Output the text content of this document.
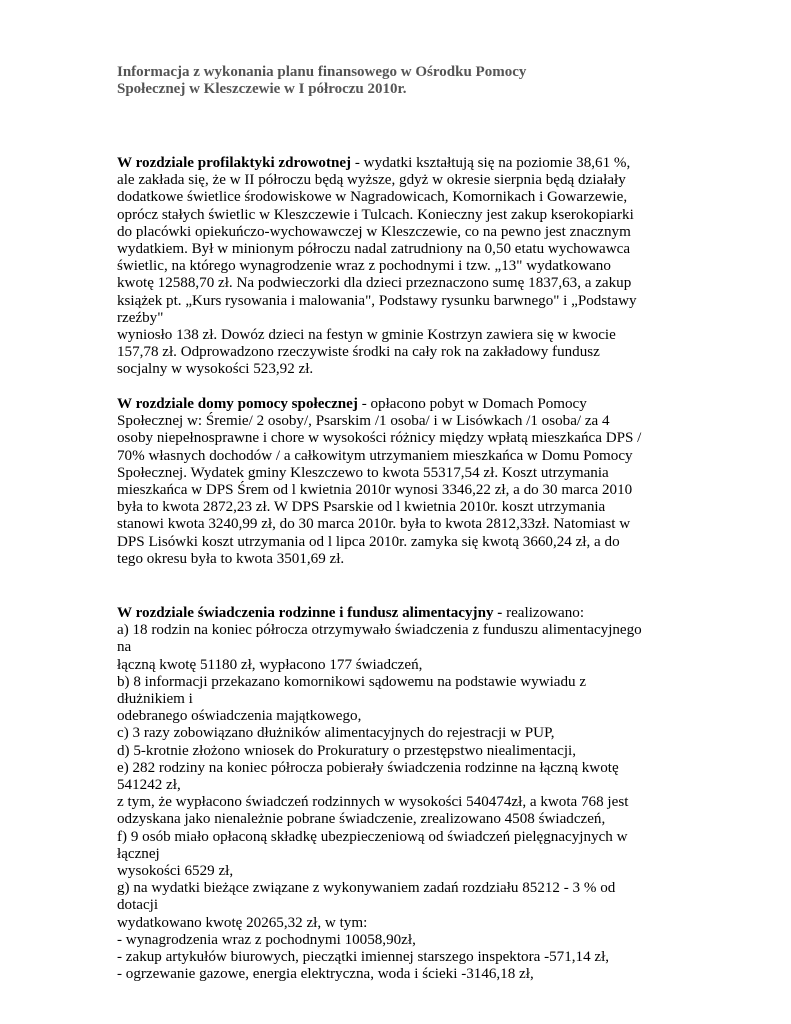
Informacja z wykonania planu finansowego w Ośrodku Pomocy
Społecznej w Kleszczewie w I półroczu 2010r.
W rozdziale profilaktyki zdrowotnej - wydatki kształtują się na poziomie 38,61 %,
ale zakłada się, że w II półroczu będą wyższe, gdyż w okresie sierpnia będą działały
dodatkowe świetlice środowiskowe w Nagradowicach, Komornikach i Gowarzewie,
oprócz stałych świetlic w Kleszczewie i Tulcach. Konieczny jest zakup kserokopiarki
do placówki opiekuńczo-wychowawczej w Kleszczewie, co na pewno jest znacznym
wydatkiem. Był w minionym półroczu nadal zatrudniony na 0,50 etatu wychowawca
świetlic, na którego wynagrodzenie wraz z pochodnymi i tzw. „13" wydatkowano
kwotę 12588,70 zł. Na podwieczorki dla dzieci przeznaczono sumę 1837,63, a zakup
książek pt. „Kurs rysowania i malowania", Podstawy rysunku barwnego" i „Podstawy
rzeźby"
wyniosło 138 zł. Dowóz dzieci na festyn w gminie Kostrzyn zawiera się w kwocie
157,78 zł. Odprowadzono rzeczywiste środki na cały rok na zakładowy fundusz
socjalny w wysokości 523,92 zł.
W rozdziale domy pomocy społecznej - opłacono pobyt w Domach Pomocy
Społecznej w: Śremie/ 2 osoby/, Psarskim /1 osoba/ i w Lisówkach /1 osoba/ za 4
osoby niepełnosprawne i chore w wysokości różnicy między wpłatą mieszkańca DPS /
70% własnych dochodów / a całkowitym utrzymaniem mieszkańca w Domu Pomocy
Społecznej. Wydatek gminy Kleszczewo to kwota 55317,54 zł. Koszt utrzymania
mieszkańca w DPS Śrem od l kwietnia 2010r wynosi 3346,22 zł, a do 30 marca 2010
była to kwota 2872,23 zł. W DPS Psarskie od l kwietnia 2010r. koszt utrzymania
stanowi kwota 3240,99 zł, do 30 marca 2010r. była to kwota 2812,33zł. Natomiast w
DPS Lisówki koszt utrzymania od l lipca 2010r. zamyka się kwotą 3660,24 zł, a do
tego okresu była to kwota 3501,69 zł.
W rozdziale świadczenia rodzinne i fundusz alimentacyjny - realizowano:
a) 18 rodzin na koniec półrocza otrzymywało świadczenia z funduszu alimentacyjnego
na
łączną kwotę 51180 zł, wypłacono 177 świadczeń,
b) 8 informacji przekazano komornikowi sądowemu na podstawie wywiadu z
dłużnikiem i
odebranego oświadczenia majątkowego,
c) 3 razy zobowiązano dłużników alimentacyjnych do rejestracji w PUP,
d) 5-krotnie złożono wniosek do Prokuratury o przestępstwo niealimentacji,
e) 282 rodziny na koniec półrocza pobierały świadczenia rodzinne na łączną kwotę
541242 zł,
z tym, że wypłacono świadczeń rodzinnych w wysokości 540474zł, a kwota 768 jest
odzyskana jako nienależnie pobrane świadczenie, zrealizowano 4508 świadczeń,
f) 9 osób miało opłaconą składkę ubezpieczeniową od świadczeń pielęgnacyjnych w
łącznej
wysokości 6529 zł,
g) na wydatki bieżące związane z wykonywaniem zadań rozdziału 85212 - 3 % od
dotacji
wydatkowano kwotę 20265,32 zł, w tym:
- wynagrodzenia wraz z pochodnymi 10058,90zł,
- zakup artykułów biurowych, pieczątki imiennej starszego inspektora -571,14 zł,
- ogrzewanie gazowe, energia elektryczna, woda i ścieki -3146,18 zł,
